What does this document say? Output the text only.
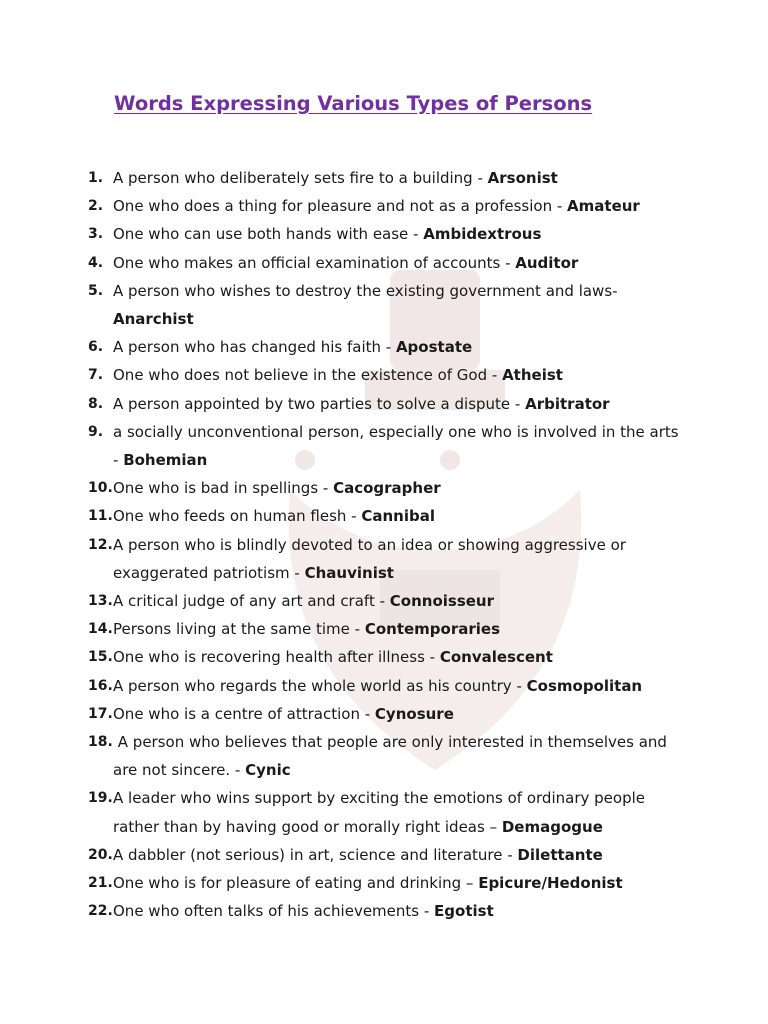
Words Expressing Various Types of Persons
1. A person who deliberately sets fire to a building - Arsonist
2. One who does a thing for pleasure and not as a profession - Amateur
3. One who can use both hands with ease - Ambidextrous
4. One who makes an official examination of accounts - Auditor
5. A person who wishes to destroy the existing government and laws- Anarchist
6. A person who has changed his faith - Apostate
7. One who does not believe in the existence of God - Atheist
8. A person appointed by two parties to solve a dispute - Arbitrator
9. a socially unconventional person, especially one who is involved in the arts - Bohemian
10. One who is bad in spellings - Cacographer
11. One who feeds on human flesh - Cannibal
12. A person who is blindly devoted to an idea or showing aggressive or exaggerated patriotism - Chauvinist
13. A critical judge of any art and craft - Connoisseur
14. Persons living at the same time - Contemporaries
15. One who is recovering health after illness - Convalescent
16. A person who regards the whole world as his country - Cosmopolitan
17. One who is a centre of attraction - Cynosure
18. A person who believes that people are only interested in themselves and are not sincere. - Cynic
19. A leader who wins support by exciting the emotions of ordinary people rather than by having good or morally right ideas – Demagogue
20. A dabbler (not serious) in art, science and literature - Dilettante
21. One who is for pleasure of eating and drinking – Epicure/Hedonist
22. One who often talks of his achievements - Egotist
